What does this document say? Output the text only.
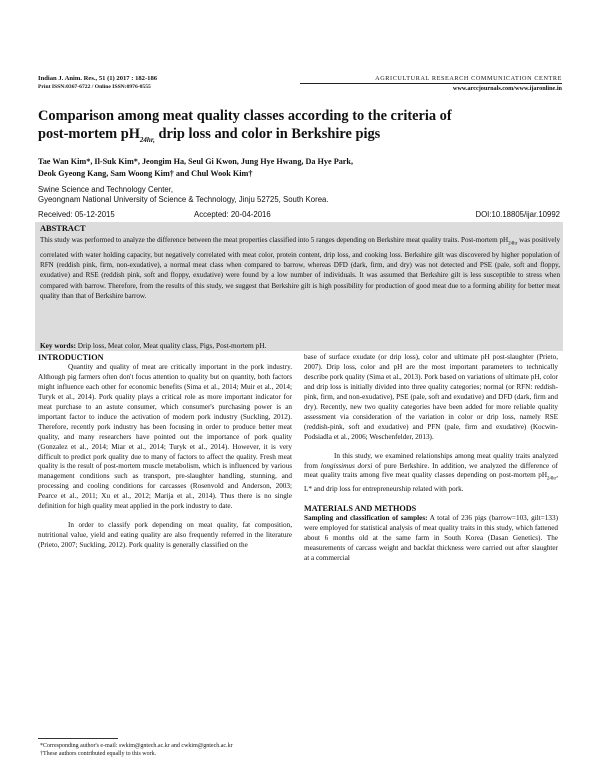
Indian J. Anim. Res., 51 (1) 2017 : 182-186
Print ISSN:0367-6722 / Online ISSN:0976-0555
AGRICULTURAL RESEARCH COMMUNICATION CENTRE
www.arccjournals.com/www.ijaronline.in
Comparison among meat quality classes according to the criteria of
post-mortem $pH_{24hr,}$ drip loss and color in Berkshire pigs
Tae Wan Kim*, Il-Suk Kim*, Jeongim Ha, Seul Gi Kwon, Jung Hye Hwang, Da Hye Park,
Deok Gyeong Kang, Sam Woong Kim† and Chul Wook Kim†
Swine Science and Technology Center,
Gyeongnam National University of Science & Technology, Jinju 52725, South Korea.
Received: 05-12-2015	Accepted: 20-04-2016	DOI:10.18805/ijar.10992
ABSTRACT
This study was performed to analyze the difference between the meat properties classified into 5 ranges depending on Berkshire meat quality traits. Post-mortem $pH_{24hr}$ was positively correlated with water holding capacity, but negatively correlated with meat color, protein content, drip loss, and cooking loss. Berkshire gilt was discovered by higher population of RFN (reddish pink, firm, non-exudative), a normal meat class when compared to barrow, whereas DFD (dark, firm, and dry) was not detected and PSE (pale, soft and floppy, exudative) and RSE (reddish pink, soft and floppy, exudative) were found by a low number of individuals. It was assumed that Berkshire gilt is less susceptible to stress when compared with barrow. Therefore, from the results of this study, we suggest that Berkshire gilt is high possibility for production of good meat due to a forming ability for better meat quality than that of Berkshire barrow.
Key words: Drip loss, Meat color, Meat quality class, Pigs, Post-mortem pH.

INTRODUCTION

Quantity and quality of meat are critically important in the pork industry. Although pig farmers often don't focus attention to quality but on quantity, both factors might influence each other for economic benefits (Sima et al., 2014; Muir et al., 2014; Turyk et al., 2014). Pork quality plays a critical role as more important indicator for meat purchase to an astute consumer, which consumer's purchasing power is an important factor to induce the activation of modern pork industry (Suckling, 2012). Therefore, recently pork industry has been focusing in order to produce better meat quality, and many researchers have pointed out the importance of pork quality (Gonzalez et al., 2014; Miar et al., 2014; Turyk et al., 2014). However, it is very difficult to predict pork quality due to many of factors to affect the quality. Fresh meat quality is the result of post-mortem muscle metabolism, which is influenced by various management conditions such as transport, pre-slaughter handling, stunning, and processing and cooling conditions for carcasses (Rosenvold and Anderson, 2003; Pearce et al., 2011; Xu et al., 2012; Marija et al., 2014). Thus there is no single definition for high quality meat applied in the pork industry to date.

In order to classify pork depending on meat quality, fat composition, nutritional value, yield and eating quality are also frequently referred in the literature (Prieto, 2007; Suckling, 2012). Pork quality is generally classified on the

base of surface exudate (or drip loss), color and ultimate pH post-slaughter (Prieto, 2007). Drip loss, color and pH are the most important parameters to technically describe pork quality (Sima et al., 2013). Pork based on variations of ultimate pH, color and drip loss is initially divided into three quality categories; normal (or RFN: reddish-pink, firm, and non-exudative), PSE (pale, soft and exudative) and DFD (dark, firm and dry). Recently, new two quality categories have been added for more reliable quality assessment via consideration of the variation in color or drip loss, namely RSE (reddish-pink, soft and exudative) and PFN (pale, firm and exudative) (Kocwin-Podsiadla et al., 2006; Weschenfelder, 2013).

In this study, we examined relationships among meat quality traits analyzed from longissimus dorsi of pure Berkshire. In addition, we analyzed the difference of meat quality traits among five meat quality classes depending on post-mortem $pH_{24hr}$, L* and drip loss for entrepreneurship related with pork.

MATERIALS AND METHODS

Sampling and classification of samples: A total of 236 pigs (barrow=103, gilt=133) were employed for statistical analysis of meat quality traits in this study, which fattened about 6 months old at the same farm in South Korea (Dasan Genetics). The measurements of carcass weight and backfat thickness were carried out after slaughter at a commercial

*Corresponding author's e-mail: swkim@gntech.ac.kr and cwkim@gntech.ac.kr
†These authors contributed equally to this work.
